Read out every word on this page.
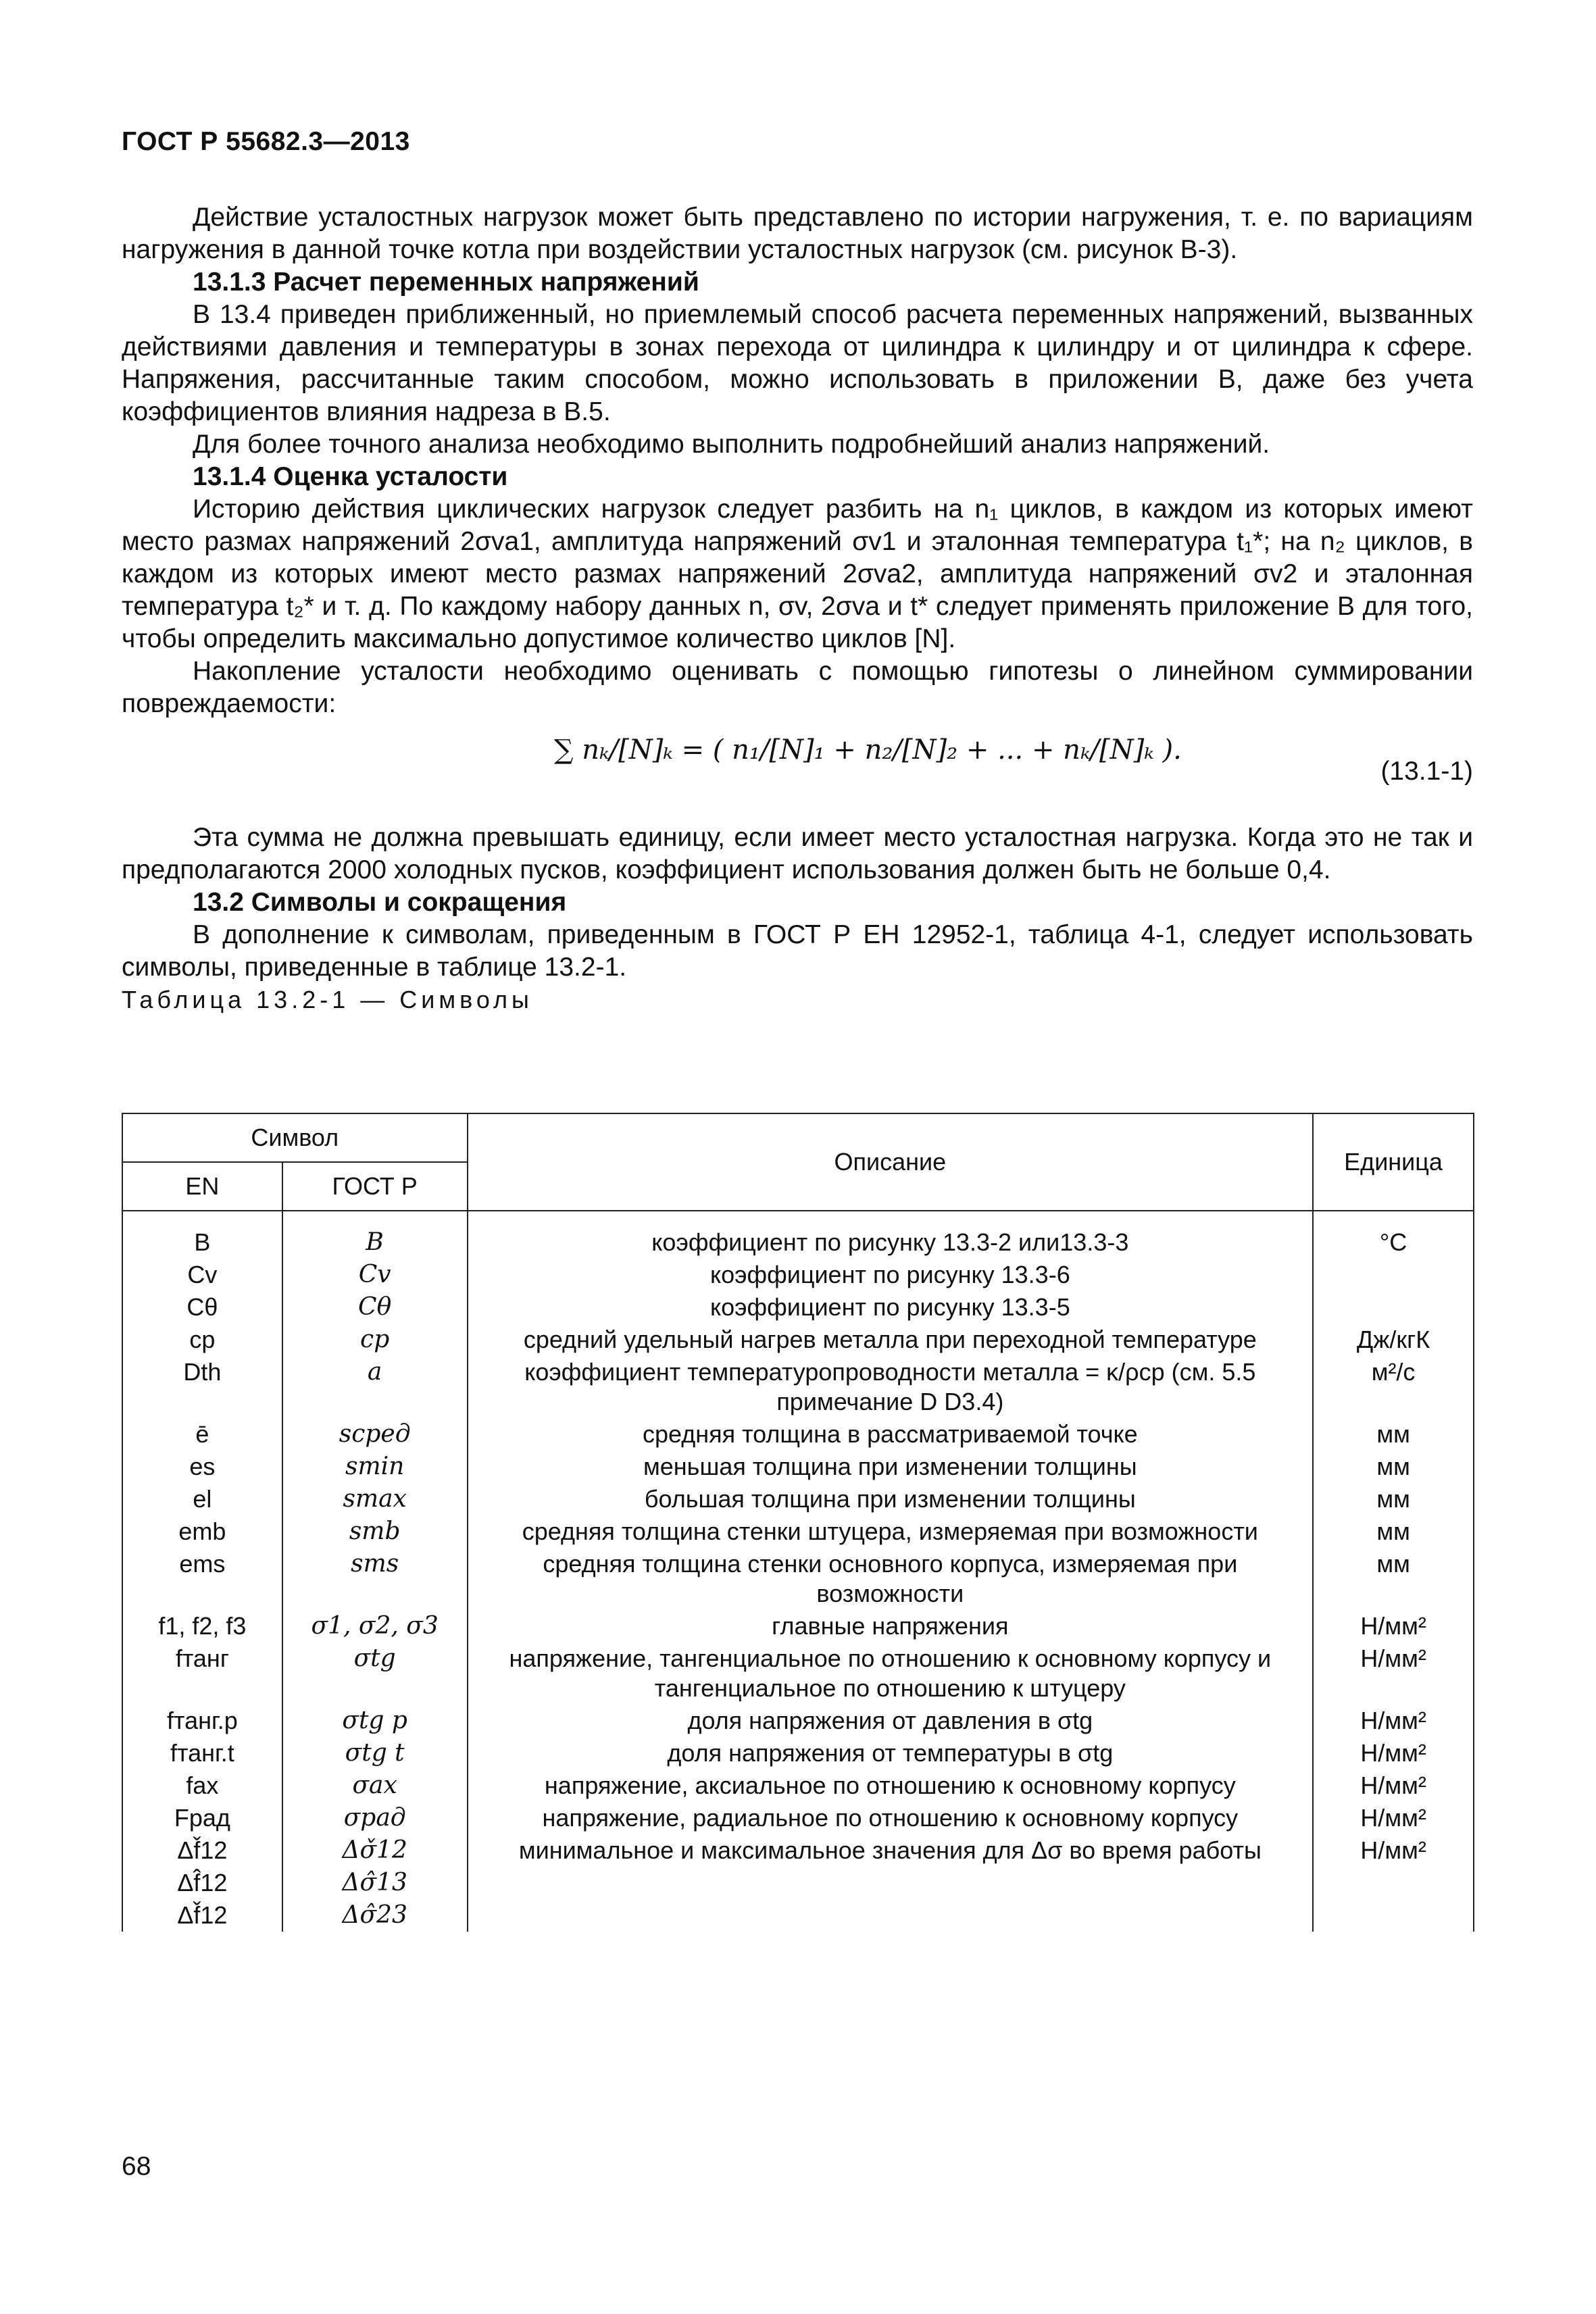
ГОСТ Р 55682.3—2013

Действие усталостных нагрузок может быть представлено по истории нагружения, т. е. по вариациям нагружения в данной точке котла при воздействии усталостных нагрузок (см. рисунок В-3).

13.1.3 Расчет переменных напряжений

В 13.4 приведен приближенный, но приемлемый способ расчета переменных напряжений, вызванных действиями давления и температуры в зонах перехода от цилиндра к цилиндру и от цилиндра к сфере. Напряжения, рассчитанные таким способом, можно использовать в приложении В, даже без учета коэффициентов влияния надреза в В.5.

Для более точного анализа необходимо выполнить подробнейший анализ напряжений.

13.1.4 Оценка усталости

Историю действия циклических нагрузок следует разбить на n₁ циклов, в каждом из которых имеют место размах напряжений 2σva1, амплитуда напряжений σv1 и эталонная температура t₁*; на n₂ циклов, в каждом из которых имеют место размах напряжений 2σva2, амплитуда напряжений σv2 и эталонная температура t₂* и т. д. По каждому набору данных n, σv, 2σva и t* следует применять приложение В для того, чтобы определить максимально допустимое количество циклов [N].

Накопление усталости необходимо оценивать с помощью гипотезы о линейном суммировании повреждаемости:

∑ nₖ/[N]ₖ = ( n₁/[N]₁ + n₂/[N]₂ + ... + nₖ/[N]ₖ ).
(13.1-1)

Эта сумма не должна превышать единицу, если имеет место усталостная нагрузка. Когда это не так и предполагаются 2000 холодных пусков, коэффициент использования должен быть не больше 0,4.

13.2 Символы и сокращения

В дополнение к символам, приведенным в ГОСТ Р ЕН 12952-1, таблица 4-1, следует использовать символы, приведенные в таблице 13.2-1.

Таблица 13.2-1 — Символы

Символ		Описание	Единица
EN	ГОСТ Р		
B	B	коэффициент по рисунку 13.3-2 или13.3-3	°C
Cv	Cv	коэффициент по рисунку 13.3-6	
Cθ	Cθ	коэффициент по рисунку 13.3-5	
cp	cp	средний удельный нагрев металла при переходной температуре	Дж/кгК
Dth	a	коэффициент температуропроводности металла = κ/ρcp (см. 5.5 примечание D D3.4)	м²/с
ē	sсред	средняя толщина в рассматриваемой точке	мм
es	smin	меньшая толщина при изменении толщины	мм
el	smax	большая толщина при изменении толщины	мм
emb	smb	средняя толщина стенки штуцера, измеряемая при возможности	мм
ems	sms	средняя толщина стенки основного корпуса, измеряемая при возможности	мм
f1, f2, f3	σ1, σ2, σ3	главные напряжения	Н/мм²
fтанг	σtg	напряжение, тангенциальное по отношению к основному корпусу и тангенциальное по отношению к штуцеру	Н/мм²
fтанг.p	σtg p	доля напряжения от давления в σtg	Н/мм²
fтанг.t	σtg t	доля напряжения от температуры в σtg	Н/мм²
fax	σax	напряжение, аксиальное по отношению к основному корпусу	Н/мм²
Fрад	σрад	напряжение, радиальное по отношению к основному корпусу	Н/мм²
Δf̌12	Δσ̌12	минимальное и максимальное значения для Δσ во время работы	Н/мм²
Δf̂12	Δσ̂13		
Δf̌12	Δσ̂23		
68
